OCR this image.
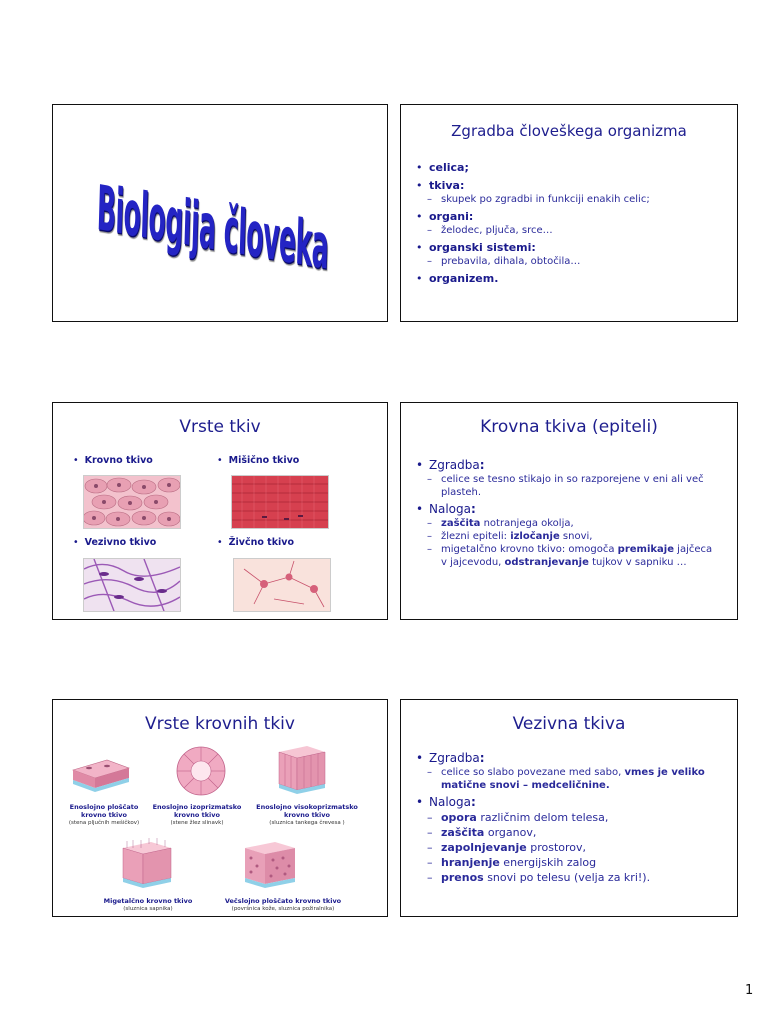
Biologija človeka
Zgradba človeškega organizma
• celica;
• tkiva:
– skupek po zgradbi in funkciji enakih celic;
• organi:
– želodec, pljuča, srce…
• organski sistemi:
– prebavila, dihala, obtočila…
• organizem.
Vrste tkiv
• Krovno tkivo	• Mišično tkivo
• Vezivno tkivo	• Živčno tkivo
Krovna tkiva (epiteli)
• Zgradba:
– celice se tesno stikajo in so razporejene v eni ali več plasteh.
• Naloga:
– zaščita notranjega okolja,
– žlezni epiteli: izločanje snovi,
– migetalčno krovno tkivo: omogoča premikaje jajčeca v jajcevodu, odstranjevanje tujkov v sapniku …
Vrste krovnih tkiv
Enoslojno ploščato krovno tkivo
(stena pljučnih mešičkov)
Enoslojno izoprizmatsko krovno tkivo
(stene žlez slinavk)
Enoslojno visokoprizmatsko krovno tkivo
(sluznica tankega črevesa )
Migetalčno krovno tkivo
(sluznica sapnika)
Večslojno ploščato krovno tkivo
(površnica kože, sluznica požiralnika)
Vezivna tkiva
• Zgradba:
– celice so slabo povezane med sabo, vmes je veliko matične snovi – medceličnine.
• Naloga:
– opora različnim delom telesa,
– zaščita organov,
– zapolnjevanje prostorov,
– hranjenje energijskih zalog
– prenos snovi po telesu (velja za kri!).
1
